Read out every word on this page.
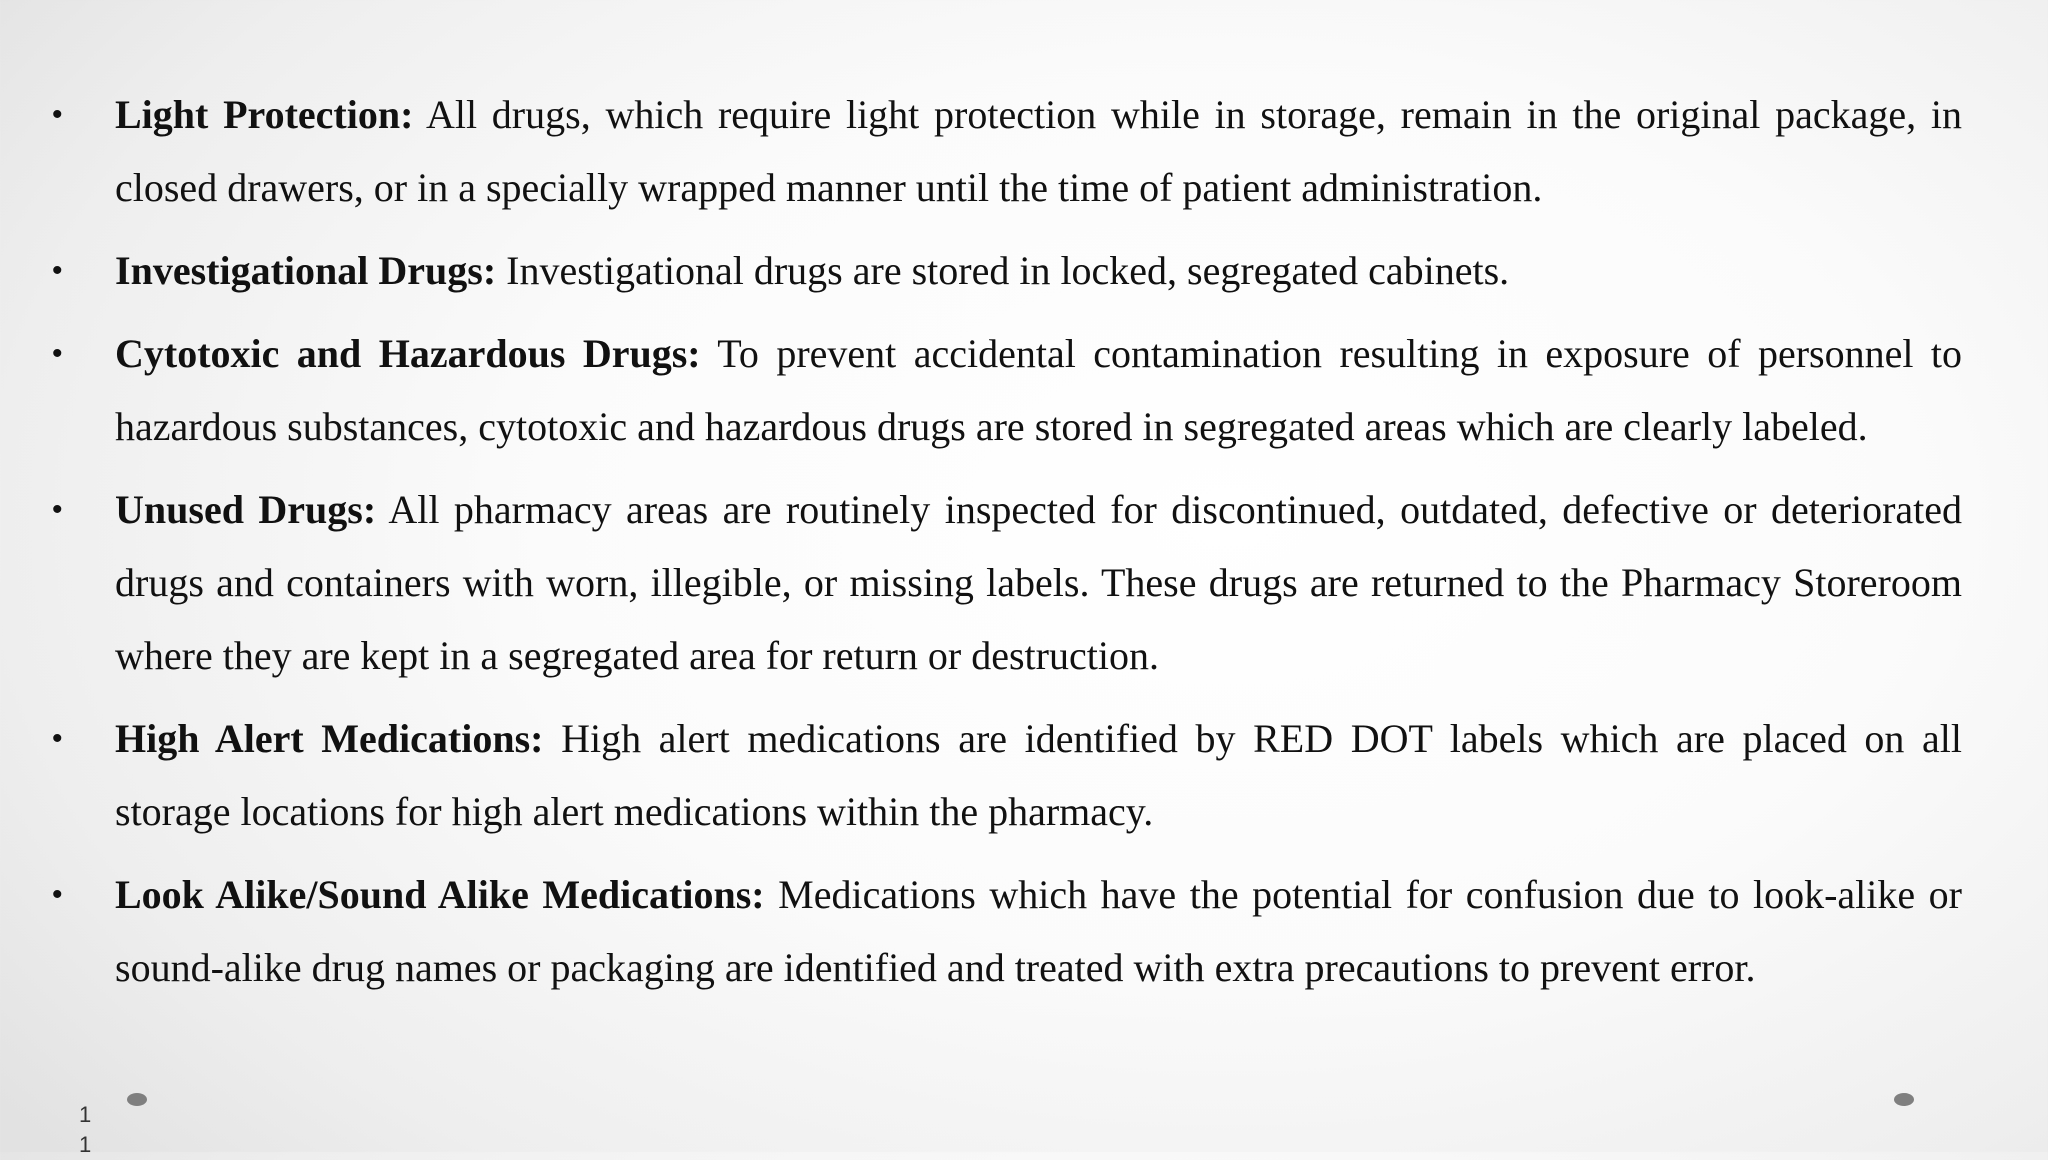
• Light Protection: All drugs, which require light protection while in storage, remain in the original package, in closed drawers, or in a specially wrapped manner until the time of patient administration.
• Investigational Drugs: Investigational drugs are stored in locked, segregated cabinets.
• Cytotoxic and Hazardous Drugs: To prevent accidental contamination resulting in exposure of personnel to hazardous substances, cytotoxic and hazardous drugs are stored in segregated areas which are clearly labeled.
• Unused Drugs: All pharmacy areas are routinely inspected for discontinued, outdated, defective or deteriorated drugs and containers with worn, illegible, or missing labels. These drugs are returned to the Pharmacy Storeroom where they are kept in a segregated area for return or destruction.
• High Alert Medications: High alert medications are identified by RED DOT labels which are placed on all storage locations for high alert medications within the pharmacy.
• Look Alike/Sound Alike Medications: Medications which have the potential for confusion due to look-alike or sound-alike drug names or packaging are identified and treated with extra precautions to prevent error.
11
